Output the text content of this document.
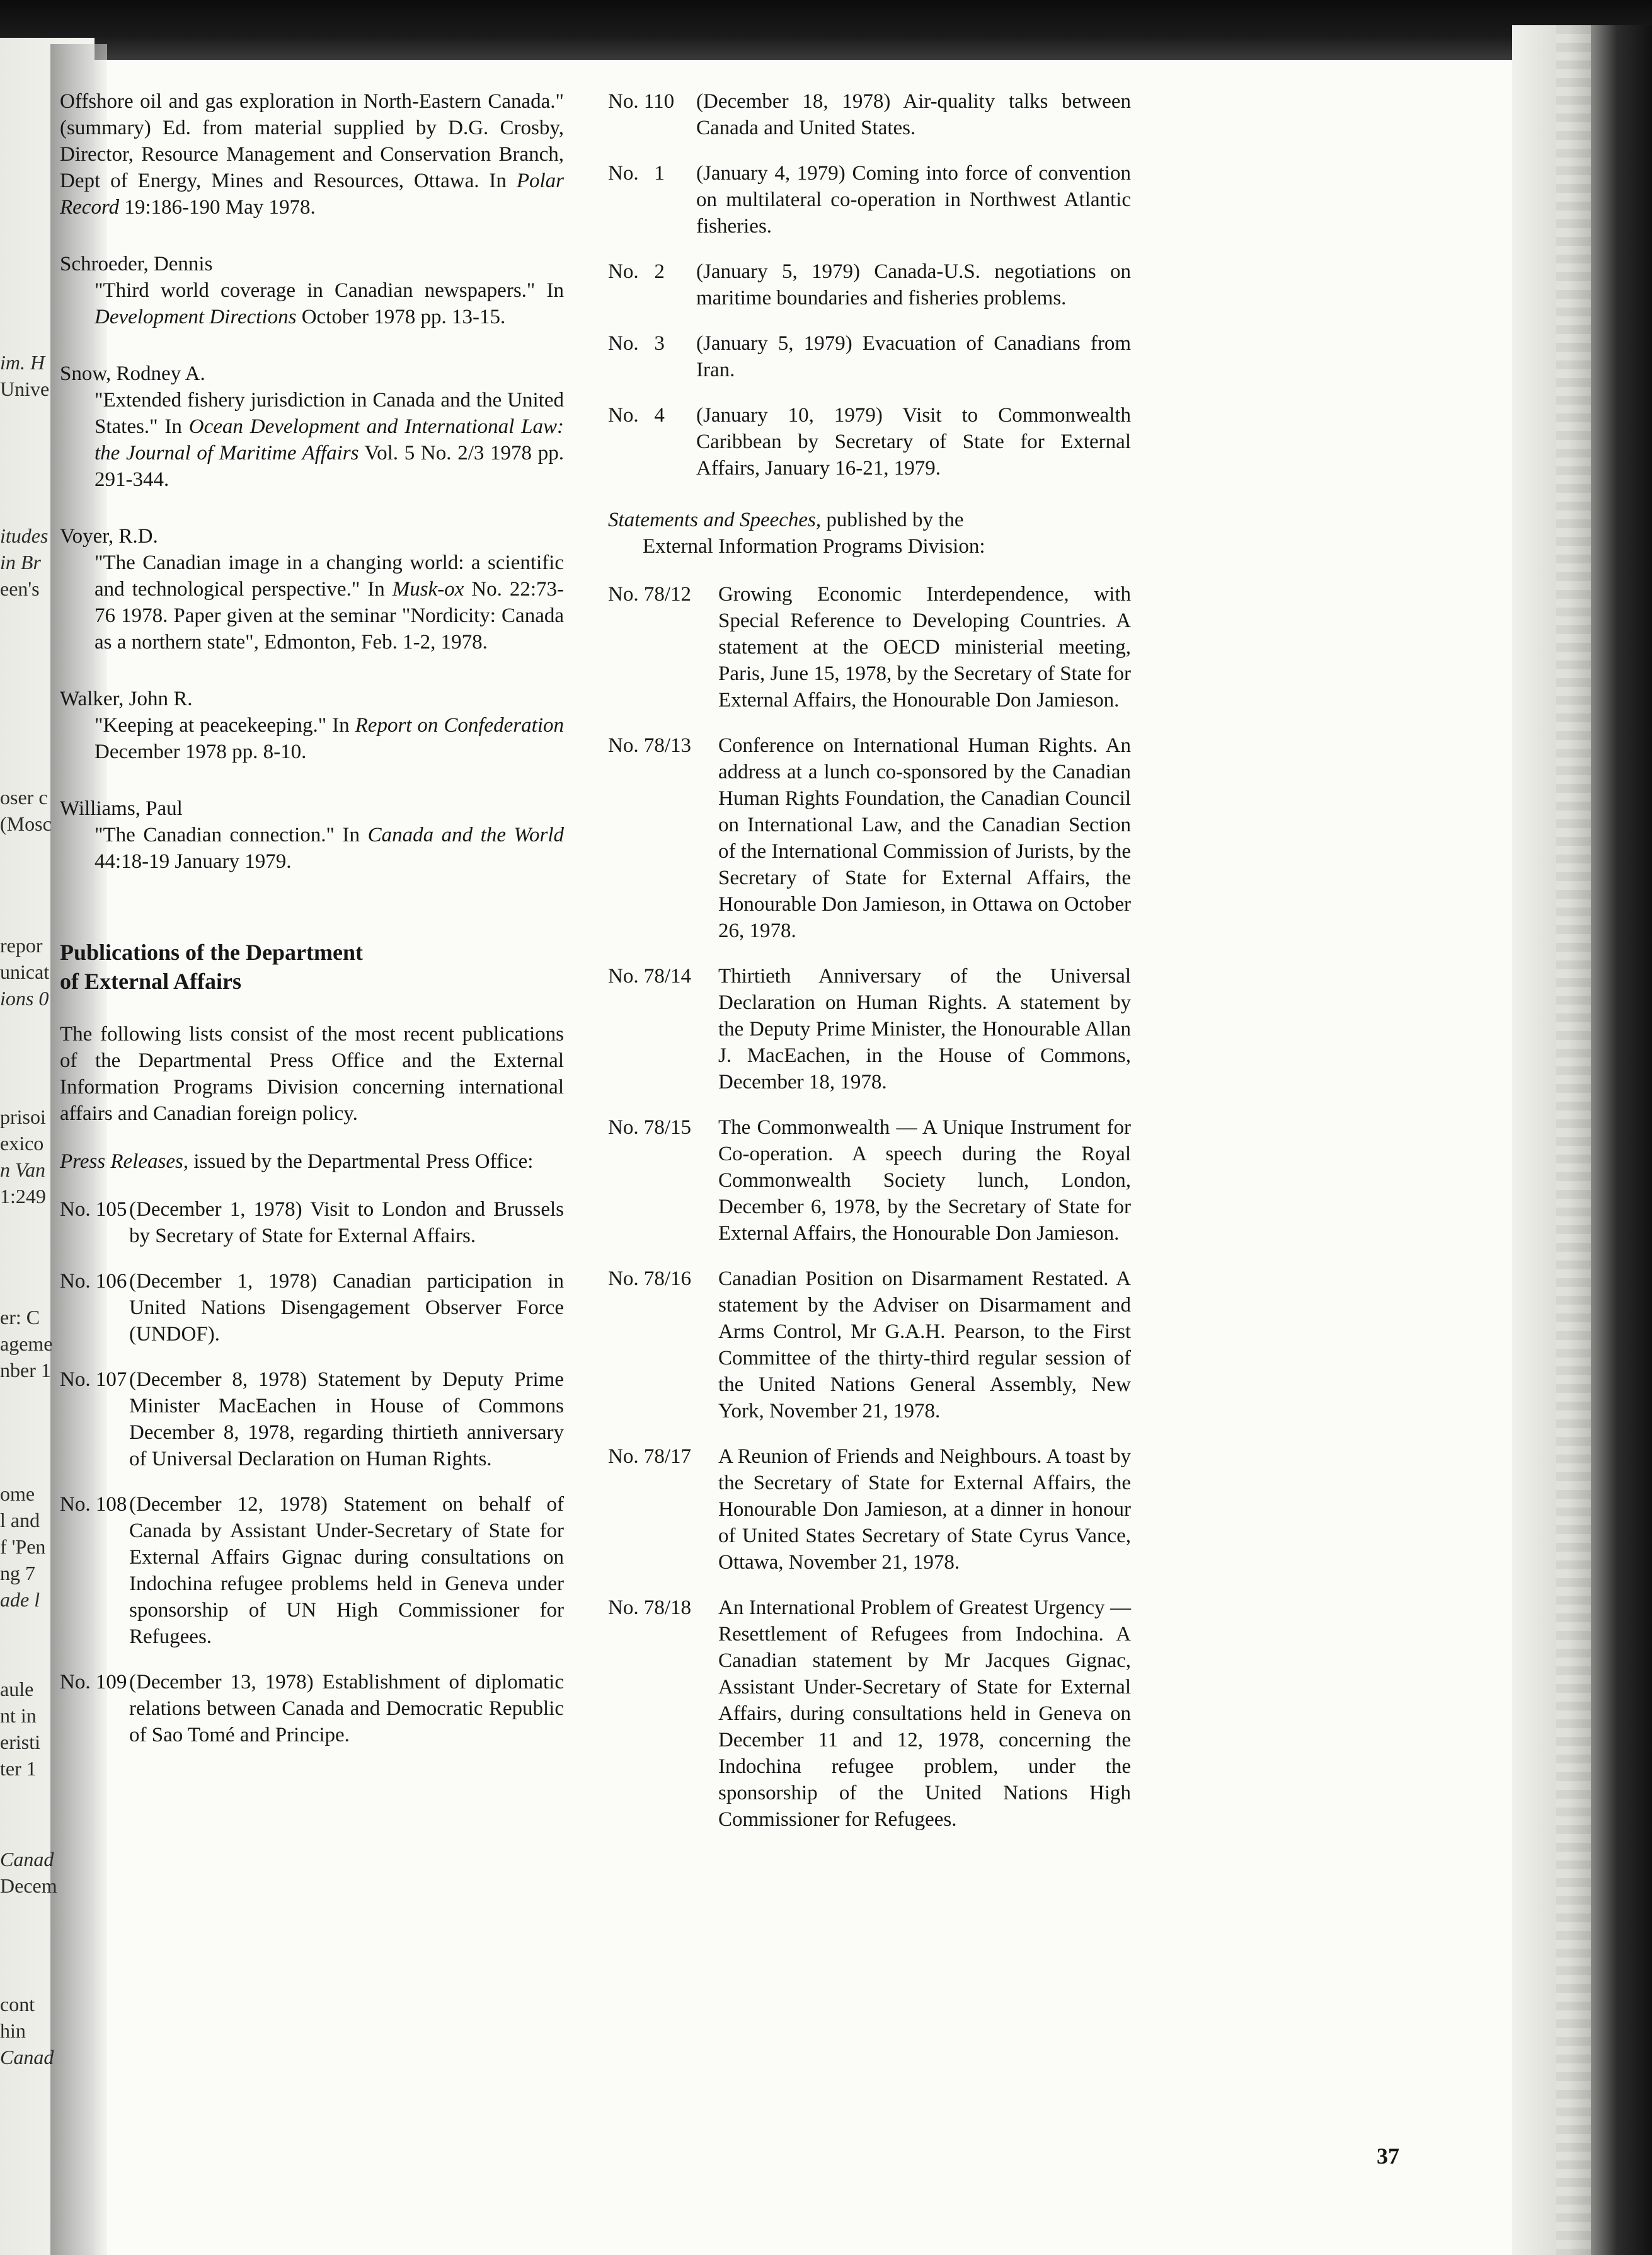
im. H
Unive
itudes
in Br
een's
oser c
(Mosc
repor
unicat
ions 0
prisoi
exico
n Van
1:249
er: C
ageme
nber 1
ome
l and
f 'Pen
ng 7
ade l
aule
nt in
eristi
ter 1
Canad
Decem
cont
hin
Canad
Offshore oil and gas exploration in North-Eastern Canada." (summary) Ed. from material supplied by D.G. Crosby, Director, Resource Management and Conservation Branch, Dept of Energy, Mines and Resources, Ottawa. In Polar Record 19:186-190 May 1978.
Schroeder, Dennis
"Third world coverage in Canadian newspapers." In Development Directions October 1978 pp. 13-15.
Snow, Rodney A.
"Extended fishery jurisdiction in Canada and the United States." In Ocean Development and International Law: the Journal of Maritime Affairs Vol. 5 No. 2/3 1978 pp. 291-344.
Voyer, R.D.
"The Canadian image in a changing world: a scientific and technological perspective." In Musk-ox No. 22:73-76 1978. Paper given at the seminar "Nordicity: Canada as a northern state", Edmonton, Feb. 1-2, 1978.
Walker, John R.
"Keeping at peacekeeping." In Report on Confederation December 1978 pp. 8-10.
Williams, Paul
"The Canadian connection." In Canada and the World 44:18-19 January 1979.
Publications of the Department
of External Affairs
The following lists consist of the most recent publications of the Departmental Press Office and the External Information Programs Division concerning international affairs and Canadian foreign policy.
Press Releases, issued by the Departmental Press Office:
No. 105 (December 1, 1978) Visit to London and Brussels by Secretary of State for External Affairs.
No. 106 (December 1, 1978) Canadian participation in United Nations Disengagement Observer Force (UNDOF).
No. 107 (December 8, 1978) Statement by Deputy Prime Minister MacEachen in House of Commons December 8, 1978, regarding thirtieth anniversary of Universal Declaration on Human Rights.
No. 108 (December 12, 1978) Statement on behalf of Canada by Assistant Under-Secretary of State for External Affairs Gignac during consultations on Indochina refugee problems held in Geneva under sponsorship of UN High Commissioner for Refugees.
No. 109 (December 13, 1978) Establishment of diplomatic relations between Canada and Democratic Republic of Sao Tomé and Principe.
No. 110	(December 18, 1978) Air-quality talks between Canada and United States.
No.   1	(January 4, 1979) Coming into force of convention on multilateral co-operation in Northwest Atlantic fisheries.
No.   2	(January 5, 1979) Canada-U.S. negotiations on maritime boundaries and fisheries problems.
No.   3	(January 5, 1979) Evacuation of Canadians from Iran.
No.   4	(January 10, 1979) Visit to Commonwealth Caribbean by Secretary of State for External Affairs, January 16-21, 1979.
Statements and Speeches, published by the
External Information Programs Division:
No. 78/12	Growing Economic Interdependence, with Special Reference to Developing Countries. A statement at the OECD ministerial meeting, Paris, June 15, 1978, by the Secretary of State for External Affairs, the Honourable Don Jamieson.
No. 78/13	Conference on International Human Rights. An address at a lunch co-sponsored by the Canadian Human Rights Foundation, the Canadian Council on International Law, and the Canadian Section of the International Commission of Jurists, by the Secretary of State for External Affairs, the Honourable Don Jamieson, in Ottawa on October 26, 1978.
No. 78/14	Thirtieth Anniversary of the Universal Declaration on Human Rights. A statement by the Deputy Prime Minister, the Honourable Allan J. MacEachen, in the House of Commons, December 18, 1978.
No. 78/15	The Commonwealth — A Unique Instrument for Co-operation. A speech during the Royal Commonwealth Society lunch, London, December 6, 1978, by the Secretary of State for External Affairs, the Honourable Don Jamieson.
No. 78/16	Canadian Position on Disarmament Restated. A statement by the Adviser on Disarmament and Arms Control, Mr G.A.H. Pearson, to the First Committee of the thirty-third regular session of the United Nations General Assembly, New York, November 21, 1978.
No. 78/17	A Reunion of Friends and Neighbours. A toast by the Secretary of State for External Affairs, the Honourable Don Jamieson, at a dinner in honour of United States Secretary of State Cyrus Vance, Ottawa, November 21, 1978.
No. 78/18	An International Problem of Greatest Urgency — Resettlement of Refugees from Indochina. A Canadian statement by Mr Jacques Gignac, Assistant Under-Secretary of State for External Affairs, during consultations held in Geneva on December 11 and 12, 1978, concerning the Indochina refugee problem, under the sponsorship of the United Nations High Commissioner for Refugees.
37
